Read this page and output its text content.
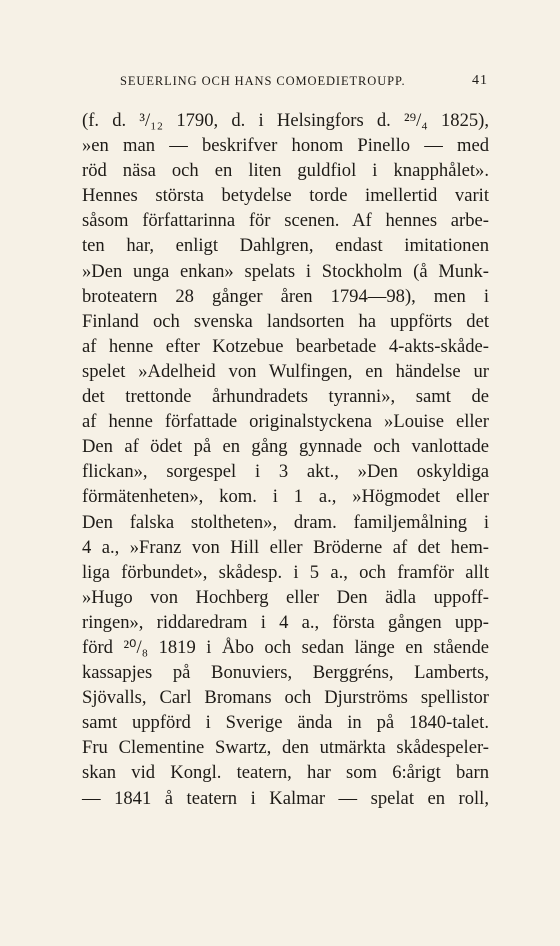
SEUERLING OCH HANS COMOEDIETROUPP.	41
(f. d. ³/₁₂ 1790, d. i Helsingfors d. ²⁹/₄ 1825),
»en man — beskrifver honom Pinello — med
röd näsa och en liten guldfiol i knapphålet».
Hennes största betydelse torde imellertid varit
såsom författarinna för scenen. Af hennes arbe-
ten har, enligt Dahlgren, endast imitationen
»Den unga enkan» spelats i Stockholm (å Munk-
broteatern 28 gånger åren 1794—98), men i
Finland och svenska landsorten ha uppförts det
af henne efter Kotzebue bearbetade 4-akts-skåde-
spelet »Adelheid von Wulfingen, en händelse ur
det trettonde århundradets tyranni», samt de
af henne författade originalstyckena »Louise eller
Den af ödet på en gång gynnade och vanlottade
flickan», sorgespel i 3 akt., »Den oskyldiga
förmätenheten», kom. i 1 a., »Högmodet eller
Den falska stoltheten», dram. familjemålning i
4 a., »Franz von Hill eller Bröderne af det hem-
liga förbundet», skådesp. i 5 a., och framför allt
»Hugo von Hochberg eller Den ädla uppoff-
ringen», riddaredram i 4 a., första gången upp-
förd ²⁰/₈ 1819 i Åbo och sedan länge en stående
kassapjes på Bonuviers, Berggréns, Lamberts,
Sjövalls, Carl Bromans och Djurströms spellistor
samt uppförd i Sverige ända in på 1840-talet.
Fru Clementine Swartz, den utmärkta skådespeler-
skan vid Kongl. teatern, har som 6:årigt barn
— 1841 å teatern i Kalmar — spelat en roll,
